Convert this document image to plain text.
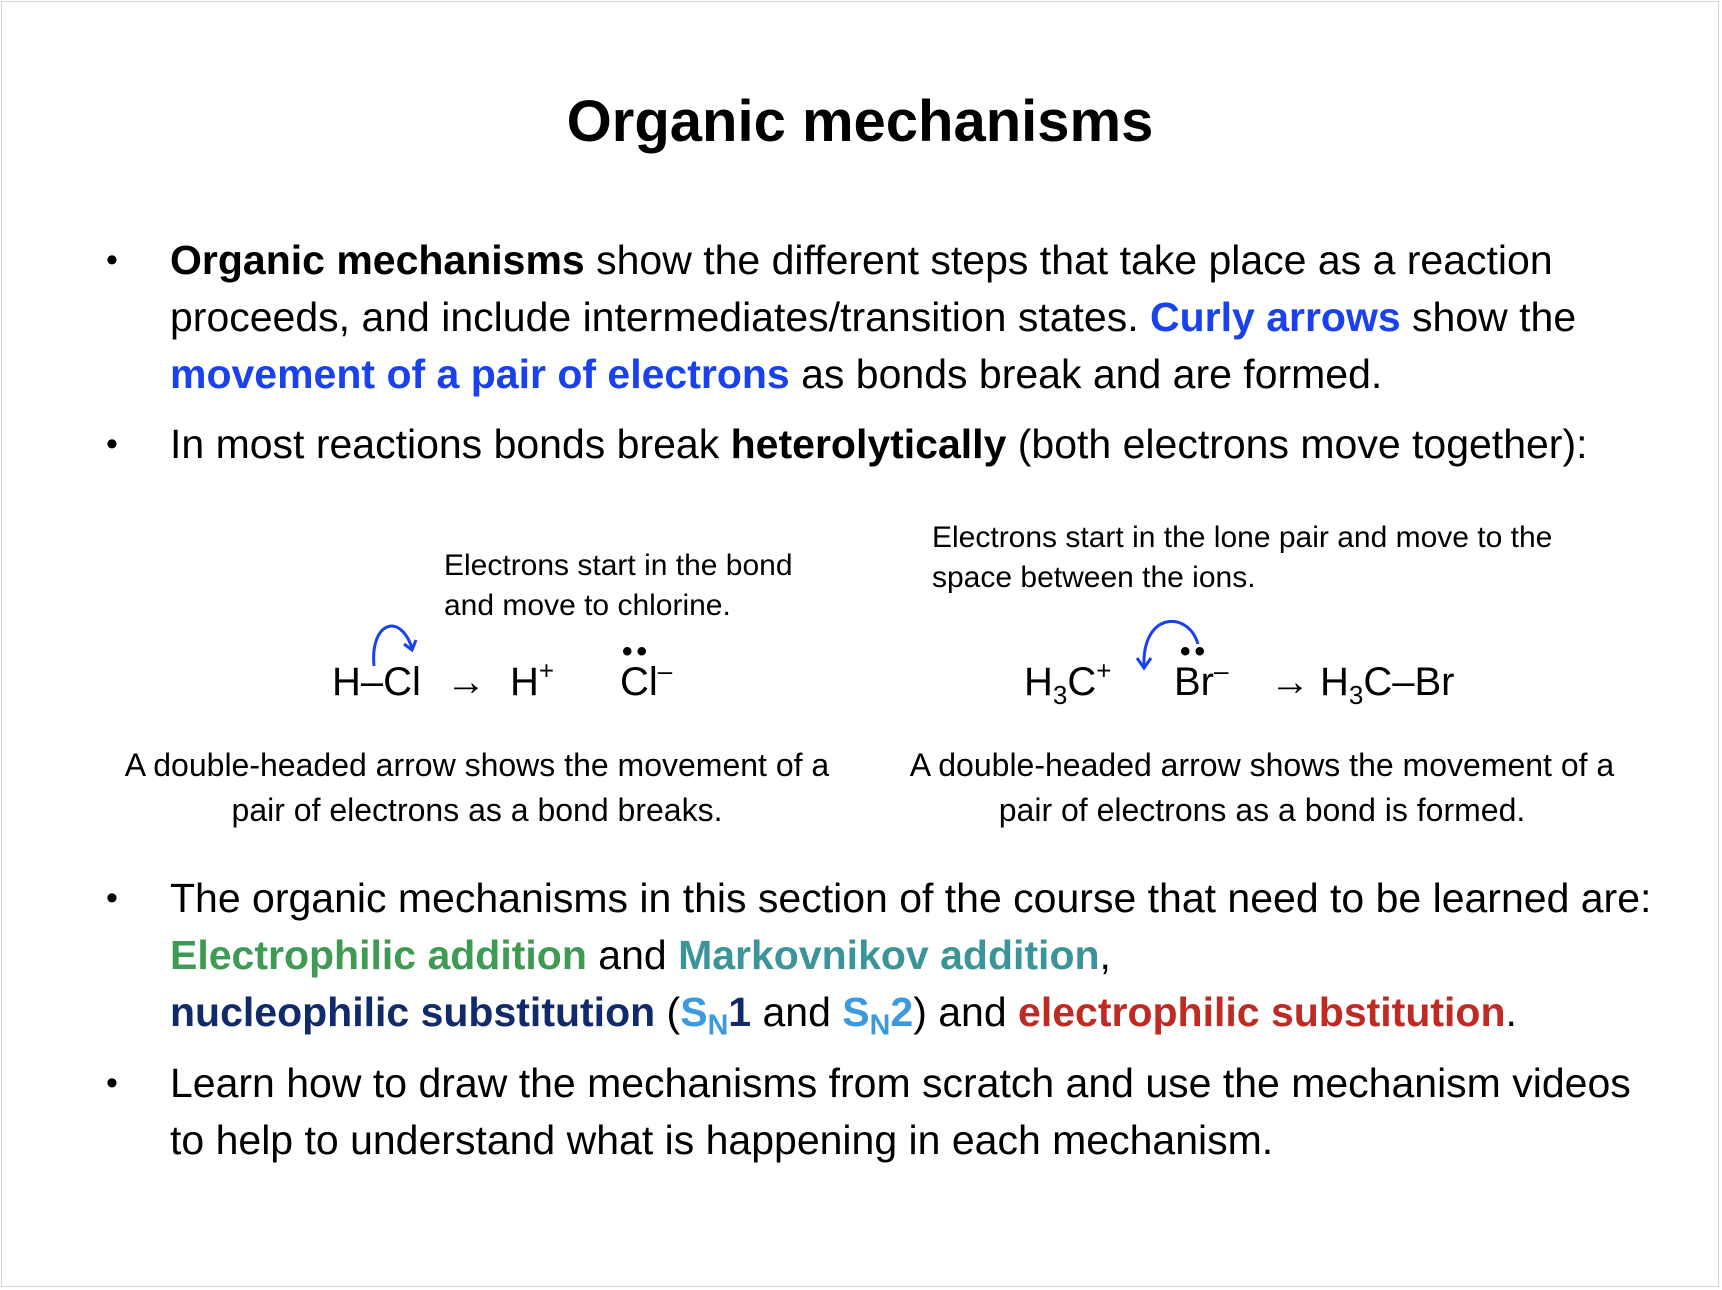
Organic mechanisms
• Organic mechanisms show the different steps that take place as a reaction proceeds, and include intermediates/transition states. Curly arrows show the movement of a pair of electrons as bonds break and are formed.
• In most reactions bonds break heterolytically (both electrons move together):
Electrons start in the bond and move to chlorine.
H–Cl → H+ Cl–
••
A double-headed arrow shows the movement of a pair of electrons as a bond breaks.
Electrons start in the lone pair and move to the space between the ions.
$H_3C^+$ Br–
••
→ $H_3C-Br$
A double-headed arrow shows the movement of a pair of electrons as a bond is formed.
• The organic mechanisms in this section of the course that need to be learned are: Electrophilic addition and Markovnikov addition,
nucleophilic substitution ($S_N1$ and $S_N2$) and electrophilic substitution.
• Learn how to draw the mechanisms from scratch and use the mechanism videos to help to understand what is happening in each mechanism.
